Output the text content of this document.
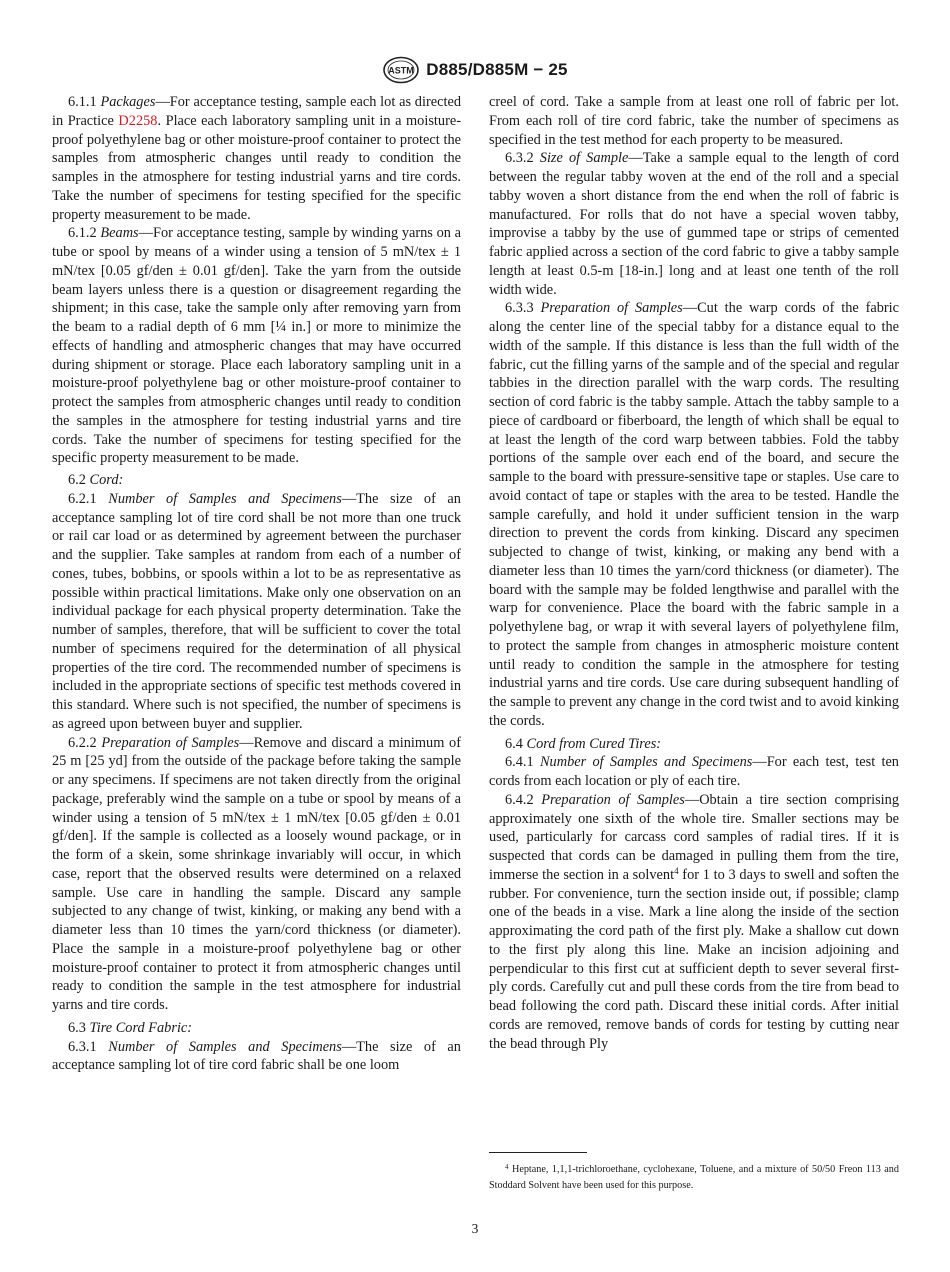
ASTM D885/D885M − 25

6.1.1 Packages—For acceptance testing, sample each lot as directed in Practice D2258. Place each laboratory sampling unit in a moisture-proof polyethylene bag or other moisture-proof container to protect the samples from atmospheric changes until ready to condition the samples in the atmosphere for testing industrial yarns and tire cords. Take the number of specimens for testing specified for the specific property measurement to be made.

6.1.2 Beams—For acceptance testing, sample by winding yarns on a tube or spool by means of a winder using a tension of 5 mN/tex ± 1 mN/tex [0.05 gf/den ± 0.01 gf/den]. Take the yarn from the outside beam layers unless there is a question or disagreement regarding the shipment; in this case, take the sample only after removing yarn from the beam to a radial depth of 6 mm [¼ in.] or more to minimize the effects of handling and atmospheric changes that may have occurred during shipment or storage. Place each laboratory sampling unit in a moisture-proof polyethylene bag or other moisture-proof container to protect the samples from atmospheric changes until ready to condition the samples in the atmosphere for testing industrial yarns and tire cords. Take the number of specimens for testing specified for the specific property measurement to be made.

6.2 Cord:

6.2.1 Number of Samples and Specimens—The size of an acceptance sampling lot of tire cord shall be not more than one truck or rail car load or as determined by agreement between the purchaser and the supplier. Take samples at random from each of a number of cones, tubes, bobbins, or spools within a lot to be as representative as possible within practical limitations. Make only one observation on an individual package for each physical property determination. Take the number of samples, therefore, that will be sufficient to cover the total number of specimens required for the determination of all physical properties of the tire cord. The recommended number of specimens is included in the appropriate sections of specific test methods covered in this standard. Where such is not specified, the number of specimens is as agreed upon between buyer and supplier.

6.2.2 Preparation of Samples—Remove and discard a minimum of 25 m [25 yd] from the outside of the package before taking the sample or any specimens. If specimens are not taken directly from the original package, preferably wind the sample on a tube or spool by means of a winder using a tension of 5 mN/tex ± 1 mN/tex [0.05 gf/den ± 0.01 gf/den]. If the sample is collected as a loosely wound package, or in the form of a skein, some shrinkage invariably will occur, in which case, report that the observed results were determined on a relaxed sample. Use care in handling the sample. Discard any sample subjected to any change of twist, kinking, or making any bend with a diameter less than 10 times the yarn/cord thickness (or diameter). Place the sample in a moisture-proof polyethylene bag or other moisture-proof container to protect it from atmospheric changes until ready to condition the sample in the test atmosphere for industrial yarns and tire cords.

6.3 Tire Cord Fabric:

6.3.1 Number of Samples and Specimens—The size of an acceptance sampling lot of tire cord fabric shall be one loom

creel of cord. Take a sample from at least one roll of fabric per lot. From each roll of tire cord fabric, take the number of specimens as specified in the test method for each property to be measured.

6.3.2 Size of Sample—Take a sample equal to the length of cord between the regular tabby woven at the end of the roll and a special tabby woven a short distance from the end when the roll of fabric is manufactured. For rolls that do not have a special woven tabby, improvise a tabby by the use of gummed tape or strips of cemented fabric applied across a section of the cord fabric to give a tabby sample length at least 0.5-m [18-in.] long and at least one tenth of the roll width wide.

6.3.3 Preparation of Samples—Cut the warp cords of the fabric along the center line of the special tabby for a distance equal to the width of the sample. If this distance is less than the full width of the fabric, cut the filling yarns of the sample and of the special and regular tabbies in the direction parallel with the warp cords. The resulting section of cord fabric is the tabby sample. Attach the tabby sample to a piece of cardboard or fiberboard, the length of which shall be equal to at least the length of the cord warp between tabbies. Fold the tabby portions of the sample over each end of the board, and secure the sample to the board with pressure-sensitive tape or staples. Use care to avoid contact of tape or staples with the area to be tested. Handle the sample carefully, and hold it under sufficient tension in the warp direction to prevent the cords from kinking. Discard any specimen subjected to change of twist, kinking, or making any bend with a diameter less than 10 times the yarn/cord thickness (or diameter). The board with the sample may be folded lengthwise and parallel with the warp for convenience. Place the board with the fabric sample in a polyethylene bag, or wrap it with several layers of polyethylene film, to protect the sample from changes in atmospheric moisture content until ready to condition the sample in the atmosphere for testing industrial yarns and tire cords. Use care during subsequent handling of the sample to prevent any change in the cord twist and to avoid kinking the cords.

6.4 Cord from Cured Tires:

6.4.1 Number of Samples and Specimens—For each test, test ten cords from each location or ply of each tire.

6.4.2 Preparation of Samples—Obtain a tire section comprising approximately one sixth of the whole tire. Smaller sections may be used, particularly for carcass cord samples of radial tires. If it is suspected that cords can be damaged in pulling them from the tire, immerse the section in a solvent$^4$ for 1 to 3 days to swell and soften the rubber. For convenience, turn the section inside out, if possible; clamp one of the beads in a vise. Mark a line along the inside of the section approximating the cord path of the first ply. Make a shallow cut down to the first ply along this line. Make an incision adjoining and perpendicular to this first cut at sufficient depth to sever several first-ply cords. Carefully cut and pull these cords from the tire from bead to bead following the cord path. Discard these initial cords. After initial cords are removed, remove bands of cords for testing by cutting near the bead through Ply

$^4$ Heptane, 1,1,1-trichloroethane, cyclohexane, Toluene, and a mixture of 50/50 Freon 113 and Stoddard Solvent have been used for this purpose.

3
